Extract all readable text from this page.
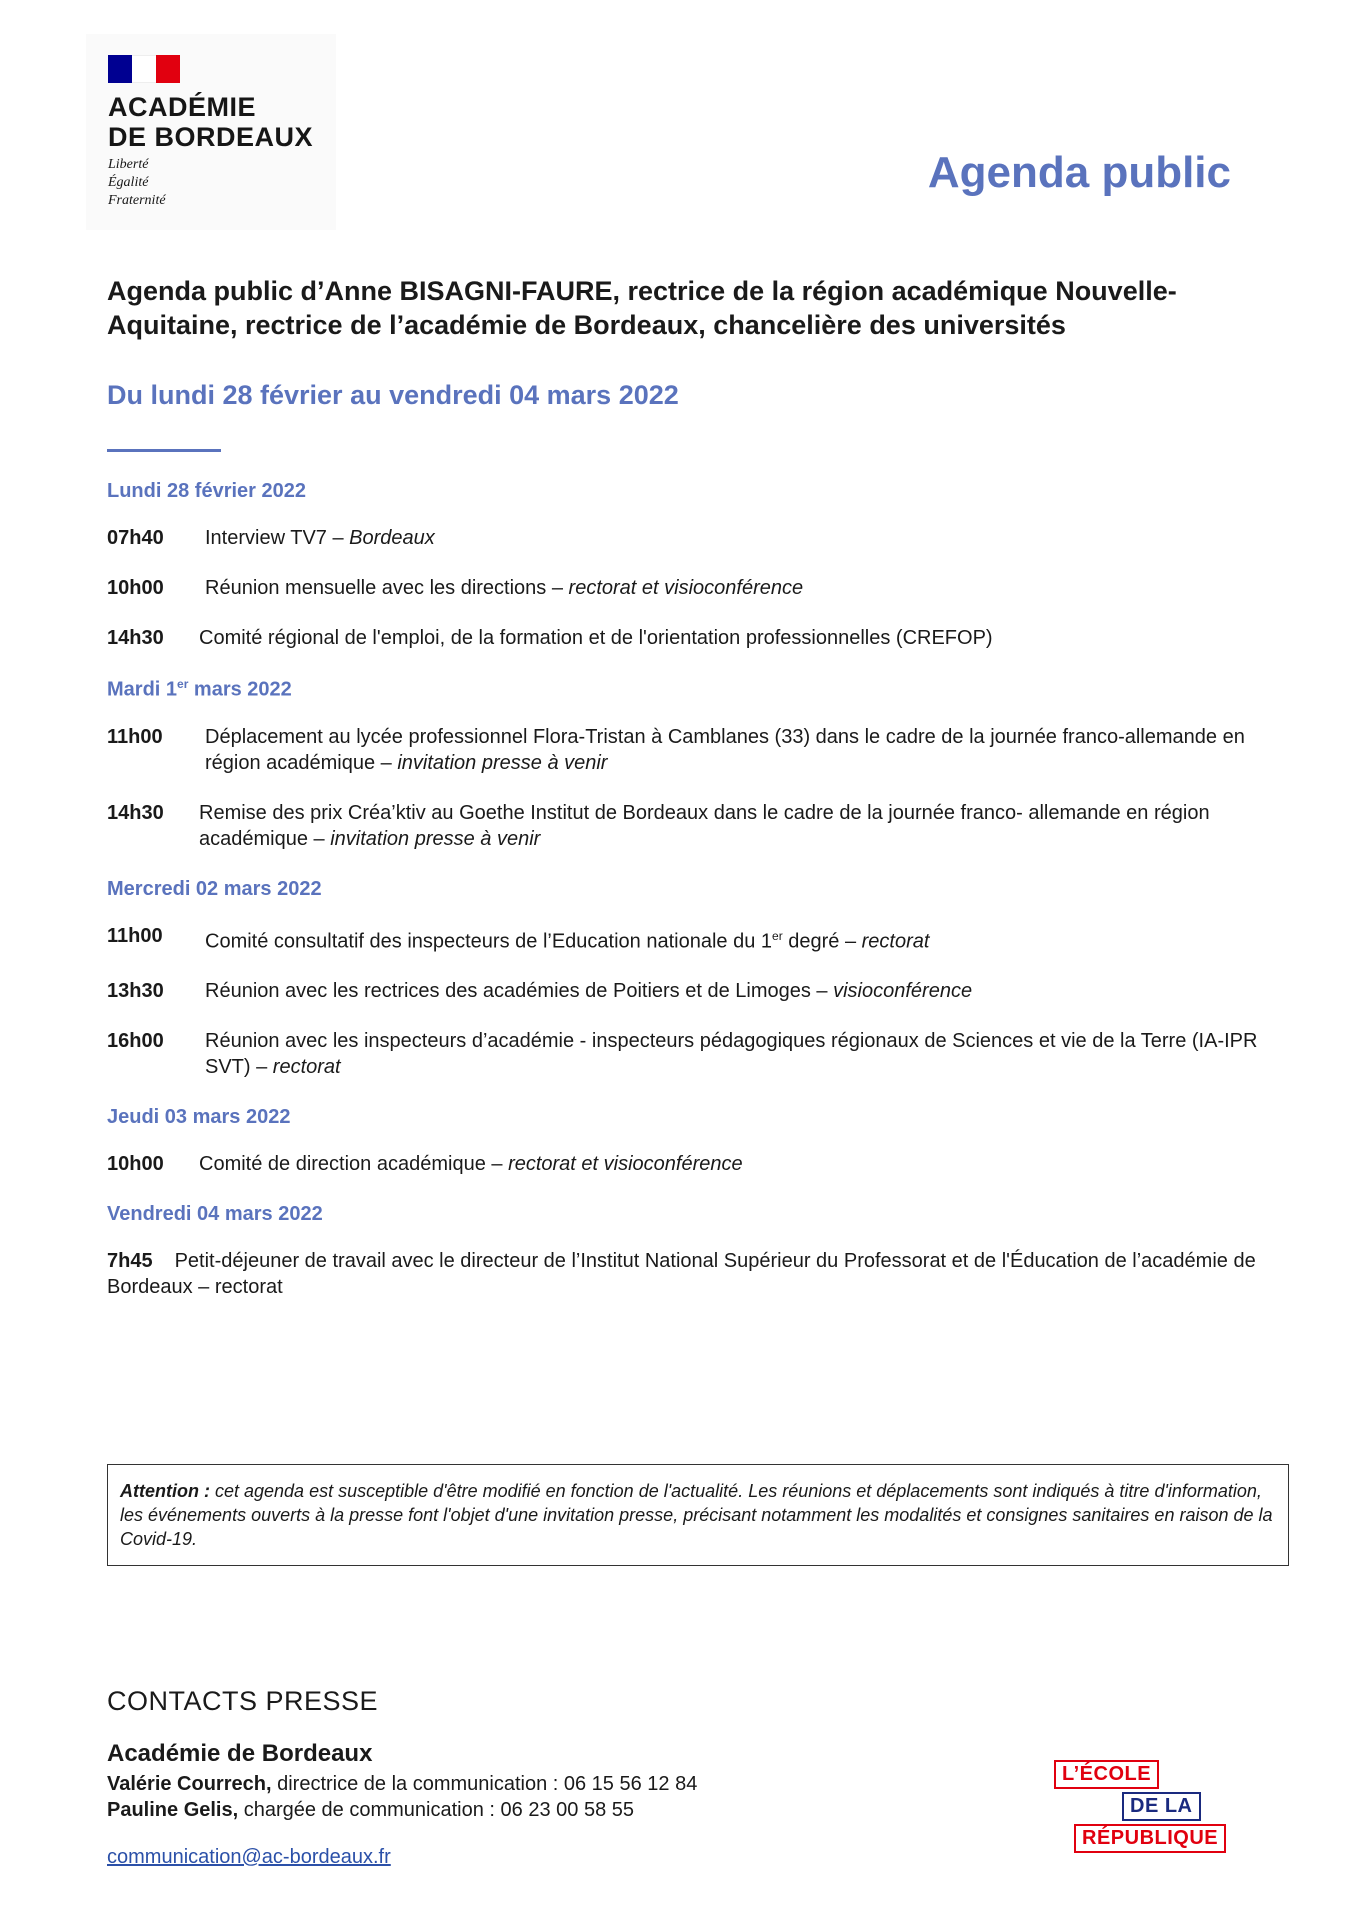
ACADÉMIE
DE BORDEAUX
Liberté
Égalité
Fraternité
Agenda public
Agenda public d’Anne BISAGNI-FAURE, rectrice de la région académique Nouvelle-Aquitaine, rectrice de l’académie de Bordeaux, chancelière des universités
Du lundi 28 février au vendredi 04 mars 2022
Lundi 28 février 2022
07h40	Interview TV7 – Bordeaux
10h00	Réunion mensuelle avec les directions – rectorat et visioconférence
14h30	Comité régional de l'emploi, de la formation et de l'orientation professionnelles (CREFOP)
Mardi 1er mars 2022
11h00	Déplacement au lycée professionnel Flora-Tristan à Camblanes (33) dans le cadre de la journée franco-allemande en région académique – invitation presse à venir
14h30	Remise des prix Créa’ktiv au Goethe Institut de Bordeaux dans le cadre de la journée franco- allemande en région académique – invitation presse à venir
Mercredi 02 mars 2022
11h00	Comité consultatif des inspecteurs de l’Education nationale du 1er degré – rectorat
13h30	Réunion avec les rectrices des académies de Poitiers et de Limoges – visioconférence
16h00	Réunion avec les inspecteurs d’académie - inspecteurs pédagogiques régionaux de Sciences et vie de la Terre (IA-IPR SVT) – rectorat
Jeudi 03 mars 2022
10h00	Comité de direction académique – rectorat et visioconférence
Vendredi 04 mars 2022
7h45 Petit-déjeuner de travail avec le directeur de l’Institut National Supérieur du Professorat et de l'Éducation de l’académie de Bordeaux – rectorat
Attention : cet agenda est susceptible d'être modifié en fonction de l'actualité. Les réunions et déplacements sont indiqués à titre d'information, les événements ouverts à la presse font l'objet d'une invitation presse, précisant notamment les modalités et consignes sanitaires en raison de la Covid-19.
CONTACTS PRESSE
Académie de Bordeaux
Valérie Courrech, directrice de la communication : 06 15 56 12 84
Pauline Gelis, chargée de communication : 06 23 00 58 55
communication@ac-bordeaux.fr
L’ÉCOLE
DE LA
RÉPUBLIQUE
